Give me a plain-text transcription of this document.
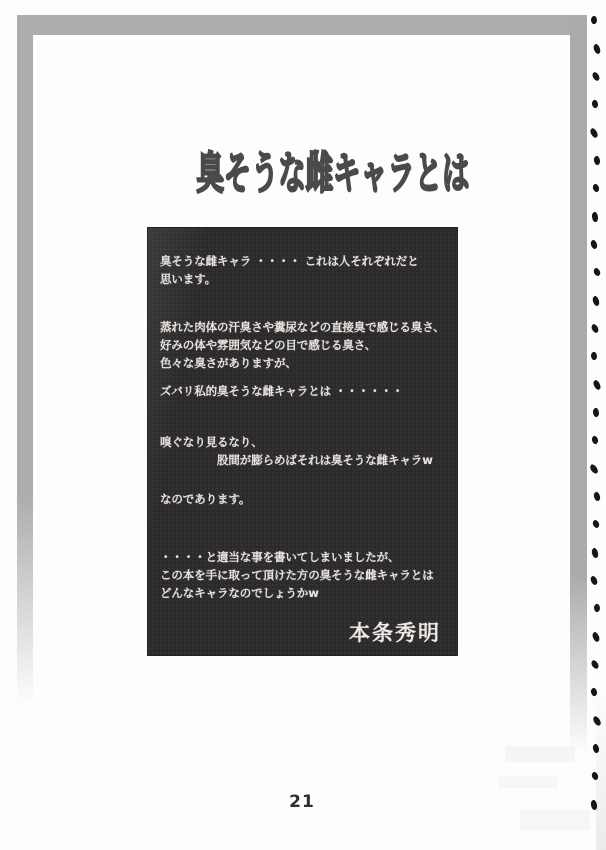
臭そうな雌キャラとは
臭そうな雌キャラ ・・・・ これは人それぞれだと
思います。
蒸れた肉体の汗臭さや糞尿などの直接臭で感じる臭さ、
好みの体や雰囲気などの目で感じる臭さ、
色々な臭さがありますが、
ズバリ私的臭そうな雌キャラとは ・・・・・・
嗅ぐなり見るなり、
　　　　　股間が膨らめばそれは臭そうな雌キャラw
なのであります。
・・・・と適当な事を書いてしまいましたが、
この本を手に取って頂けた方の臭そうな雌キャラとは
どんなキャラなのでしょうかw
本条秀明
21
